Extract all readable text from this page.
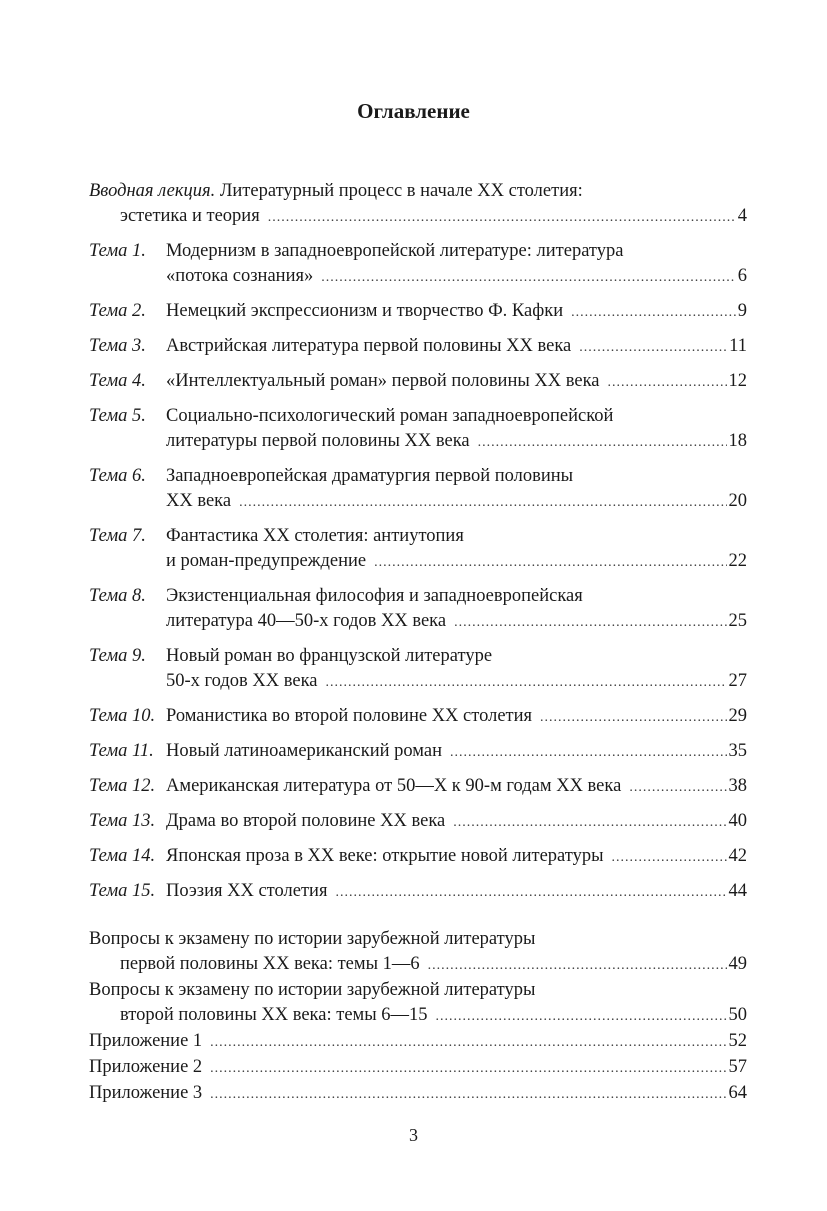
Оглавление
Вводная лекция. Литературный процесс в начале XX столетия:
эстетика и теория .....	4
Тема 1.	Модернизм в западноевропейской литературе: литература
«потока сознания» .....	6
Тема 2. Немецкий экспрессионизм и творчество Ф. Кафки .....	9
Тема 3. Австрийская литература первой половины XX века .....	11
Тема 4. «Интеллектуальный роман» первой половины XX века .....	12
Тема 5.	Социально-психологический роман западноевропейской
литературы первой половины XX века .....	18
Тема 6.	Западноевропейская драматургия первой половины
XX века .....	20
Тема 7.	Фантастика XX столетия: антиутопия
и роман-предупреждение .....	22
Тема 8.	Экзистенциальная философия и западноевропейская
литература 40—50-х годов XX века .....	25
Тема 9.	Новый роман во французской литературе
50-х годов XX века .....	27
Тема 10. Романистика во второй половине XX столетия .....	29
Тема 11. Новый латиноамериканский роман .....	35
Тема 12. Американская литература от 50—Х к 90-м годам XX века .....	38
Тема 13. Драма во второй половине XX века .....	40
Тема 14. Японская проза в XX веке: открытие новой литературы .....	42
Тема 15. Поэзия XX столетия .....	44
Вопросы к экзамену по истории зарубежной литературы
первой половины XX века: темы 1—6 .....	49
Вопросы к экзамену по истории зарубежной литературы
второй половины XX века: темы 6—15 .....	50
Приложение 1 .....	52
Приложение 2 .....	57
Приложение 3 .....	64
3
